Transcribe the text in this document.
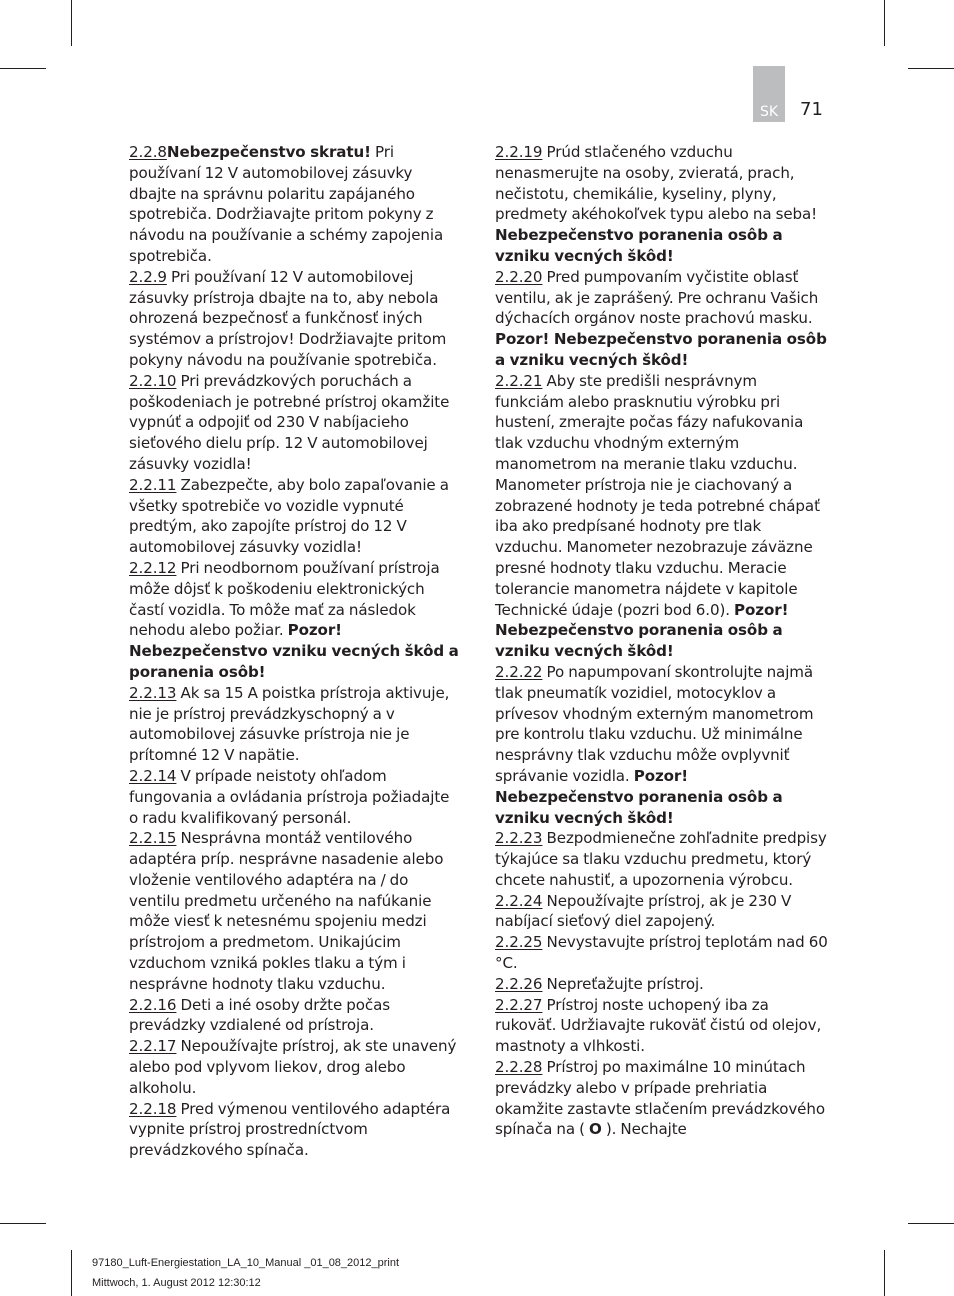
SK	71

2.2.8Nebezpečenstvo skratu! Pri používaní 12 V automobilovej zásuvky dbajte na správnu polaritu zapájaného spotrebiča. Dodržiavajte pritom pokyny z návodu na používanie a schémy zapojenia spotrebiča.

2.2.9 Pri používaní 12 V automobilovej zásuvky prístroja dbajte na to, aby nebola ohrozená bezpečnosť a funkčnosť iných systémov a prístrojov! Dodržiavajte pritom pokyny návodu na používanie spotrebiča.

2.2.10 Pri prevádzkových poruchách a poškodeniach je potrebné prístroj okamžite vypnúť a odpojiť od 230 V nabíjacieho sieťového dielu príp. 12 V automobilovej zásuvky vozidla!

2.2.11 Zabezpečte, aby bolo zapaľovanie a všetky spotrebiče vo vozidle vypnuté predtým, ako zapojíte prístroj do 12 V automobilovej zásuvky vozidla!

2.2.12 Pri neodbornom používaní prístroja môže dôjsť k poškodeniu elektronických častí vozidla. To môže mať za následok nehodu alebo požiar. Pozor! Nebezpečenstvo vzniku vecných škôd a poranenia osôb!

2.2.13 Ak sa 15 A poistka prístroja aktivuje, nie je prístroj prevádzkyschopný a v automobilovej zásuvke prístroja nie je prítomné 12 V napätie.

2.2.14 V prípade neistoty ohľadom fungovania a ovládania prístroja požiadajte o radu kvalifikovaný personál.

2.2.15 Nesprávna montáž ventilového adaptéra príp. nesprávne nasadenie alebo vloženie ventilového adaptéra na / do ventilu predmetu určeného na nafúkanie môže viesť k netesnému spojeniu medzi prístrojom a predmetom. Unikajúcim vzduchom vzniká pokles tlaku a tým i nesprávne hodnoty tlaku vzduchu.

2.2.16 Deti a iné osoby držte počas prevádzky vzdialené od prístroja.

2.2.17 Nepoužívajte prístroj, ak ste unavený alebo pod vplyvom liekov, drog alebo alkoholu.

2.2.18 Pred výmenou ventilového adaptéra vypnite prístroj prostredníctvom prevádzkového spínača.

2.2.19 Prúd stlačeného vzduchu nenasmerujte na osoby, zvieratá, prach, nečistotu, chemikálie, kyseliny, plyny, predmety akéhokoľvek typu alebo na seba! Nebezpečenstvo poranenia osôb a vzniku vecných škôd!

2.2.20 Pred pumpovaním vyčistite oblasť ventilu, ak je zaprášený. Pre ochranu Vašich dýchacích orgánov noste prachovú masku. Pozor! Nebezpečenstvo poranenia osôb a vzniku vecných škôd!

2.2.21 Aby ste predišli nesprávnym funkciám alebo prasknutiu výrobku pri hustení, zmerajte počas fázy nafukovania tlak vzduchu vhodným externým manometrom na meranie tlaku vzduchu. Manometer prístroja nie je ciachovaný a zobrazené hodnoty je teda potrebné chápať iba ako predpísané hodnoty pre tlak vzduchu. Manometer nezobrazuje záväzne presné hodnoty tlaku vzduchu. Meracie tolerancie manometra nájdete v kapitole Technické údaje (pozri bod 6.0). Pozor! Nebezpečenstvo poranenia osôb a vzniku vecných škôd!

2.2.22 Po napumpovaní skontrolujte najmä tlak pneumatík vozidiel, motocyklov a prívesov vhodným externým manometrom pre kontrolu tlaku vzduchu. Už minimálne nesprávny tlak vzduchu môže ovplyvniť správanie vozidla. Pozor! Nebezpečenstvo poranenia osôb a vzniku vecných škôd!

2.2.23 Bezpodmienečne zohľadnite predpisy týkajúce sa tlaku vzduchu predmetu, ktorý chcete nahustiť, a upozornenia výrobcu.

2.2.24 Nepoužívajte prístroj, ak je 230 V nabíjací sieťový diel zapojený.

2.2.25 Nevystavujte prístroj teplotám nad 60 °C.

2.2.26 Nepreťažujte prístroj.

2.2.27 Prístroj noste uchopený iba za rukoväť. Udržiavajte rukoväť čistú od olejov, mastnoty a vlhkosti.

2.2.28 Prístroj po maximálne 10 minútach prevádzky alebo v prípade prehriatia okamžite zastavte stlačením prevádzkového spínača na ( O ). Nechajte

97180_Luft-Energiestation_LA_10_Manual _01_08_2012_print
Mittwoch, 1. August 2012 12:30:12
